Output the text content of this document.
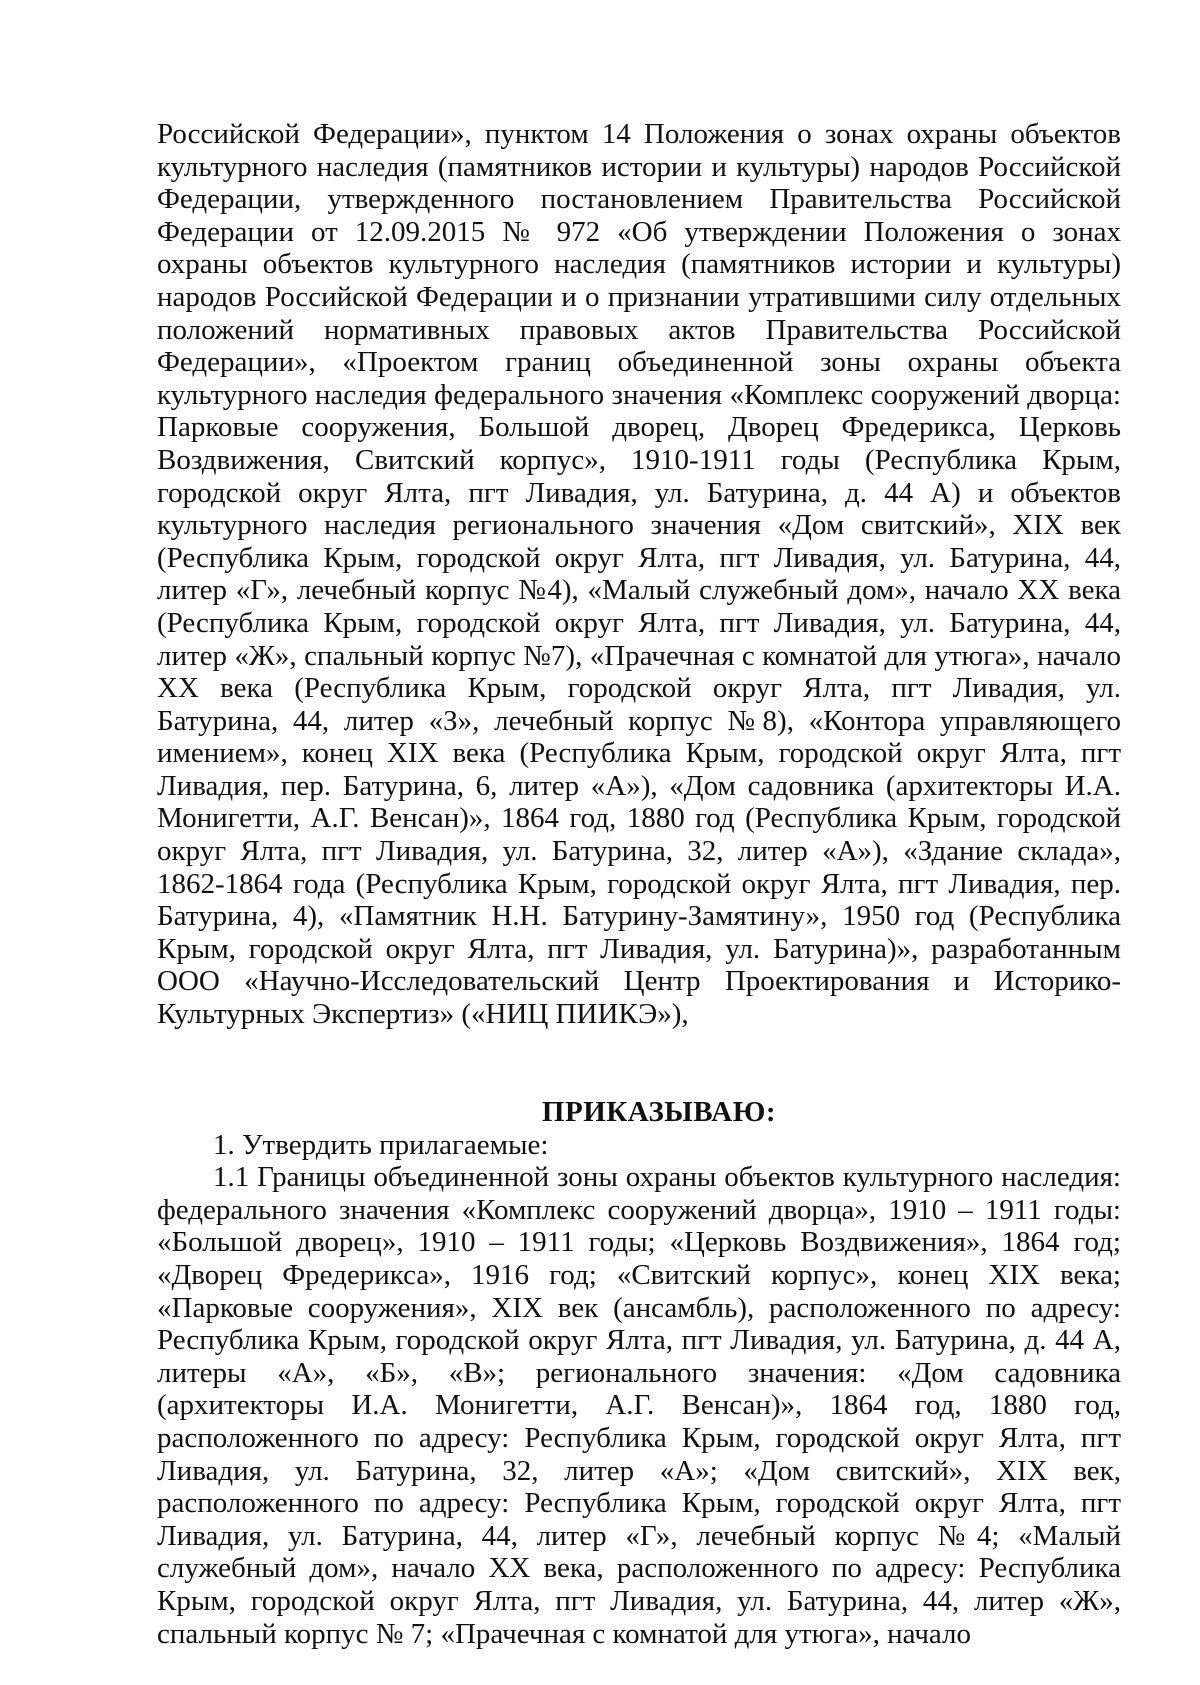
Российской Федерации», пунктом 14 Положения о зонах охраны объектов культурного наследия (памятников истории и культуры) народов Российской Федерации, утвержденного постановлением Правительства Российской Федерации от 12.09.2015 № 972 «Об утверждении Положения о зонах охраны объектов культурного наследия (памятников истории и культуры) народов Российской Федерации и о признании утратившими силу отдельных положений нормативных правовых актов Правительства Российской Федерации», «Проектом границ объединенной зоны охраны объекта культурного наследия федерального значения «Комплекс сооружений дворца: Парковые сооружения, Большой дворец, Дворец Фредерикса, Церковь Воздвижения, Свитский корпус», 1910-1911 годы (Республика Крым, городской округ Ялта, пгт Ливадия, ул. Батурина, д. 44 А) и объектов культурного наследия регионального значения «Дом свитский», XIX век (Республика Крым, городской округ Ялта, пгт Ливадия, ул. Батурина, 44, литер «Г», лечебный корпус №4), «Малый служебный дом», начало XX века (Республика Крым, городской округ Ялта, пгт Ливадия, ул. Батурина, 44, литер «Ж», спальный корпус №7), «Прачечная с комнатой для утюга», начало XX века (Республика Крым, городской округ Ялта, пгт Ливадия, ул. Батурина, 44, литер «З», лечебный корпус №8), «Контора управляющего имением», конец XIX века (Республика Крым, городской округ Ялта, пгт Ливадия, пер. Батурина, 6, литер «А»), «Дом садовника (архитекторы И.А. Монигетти, А.Г. Венсан)», 1864 год, 1880 год (Республика Крым, городской округ Ялта, пгт Ливадия, ул. Батурина, 32, литер «А»), «Здание склада», 1862-1864 года (Республика Крым, городской округ Ялта, пгт Ливадия, пер. Батурина, 4), «Памятник Н.Н. Батурину-Замятину», 1950 год (Республика Крым, городской округ Ялта, пгт Ливадия, ул. Батурина)», разработанным ООО «Научно-Исследовательский Центр Проектирования и Историко-Культурных Экспертиз» («НИЦ ПИИКЭ»),

ПРИКАЗЫВАЮ:

1. Утвердить прилагаемые:

1.1 Границы объединенной зоны охраны объектов культурного наследия: федерального значения «Комплекс сооружений дворца», 1910 – 1911 годы: «Большой дворец», 1910 – 1911 годы; «Церковь Воздвижения», 1864 год; «Дворец Фредерикса», 1916 год; «Свитский корпус», конец XIX века; «Парковые сооружения», XIX век (ансамбль), расположенного по адресу: Республика Крым, городской округ Ялта, пгт Ливадия, ул. Батурина, д. 44 А, литеры «А», «Б», «В»; регионального значения: «Дом садовника (архитекторы И.А. Монигетти, А.Г. Венсан)», 1864 год, 1880 год, расположенного по адресу: Республика Крым, городской округ Ялта, пгт Ливадия, ул. Батурина, 32, литер «А»; «Дом свитский», XIX век, расположенного по адресу: Республика Крым, городской округ Ялта, пгт Ливадия, ул. Батурина, 44, литер «Г», лечебный корпус №4; «Малый служебный дом», начало XX века, расположенного по адресу: Республика Крым, городской округ Ялта, пгт Ливадия, ул. Батурина, 44, литер «Ж», спальный корпус № 7; «Прачечная с комнатой для утюга», начало
